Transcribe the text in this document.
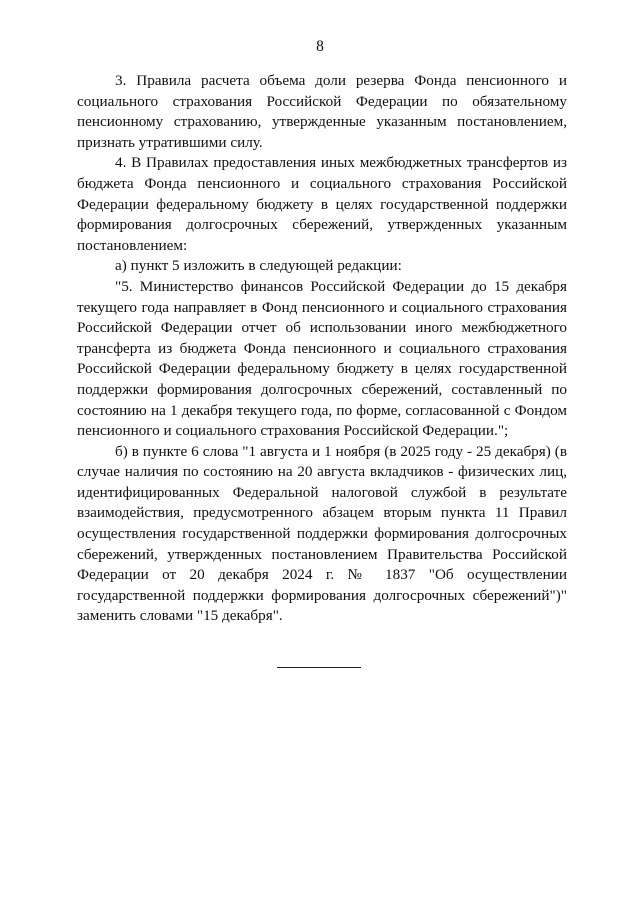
8

3. Правила расчета объема доли резерва Фонда пенсионного и социального страхования Российской Федерации по обязательному пенсионному страхованию, утвержденные указанным постановлением, признать утратившими силу.

4. В Правилах предоставления иных межбюджетных трансфертов из бюджета Фонда пенсионного и социального страхования Российской Федерации федеральному бюджету в целях государственной поддержки формирования долгосрочных сбережений, утвержденных указанным постановлением:

а) пункт 5 изложить в следующей редакции:

"5. Министерство финансов Российской Федерации до 15 декабря текущего года направляет в Фонд пенсионного и социального страхования Российской Федерации отчет об использовании иного межбюджетного трансферта из бюджета Фонда пенсионного и социального страхования Российской Федерации федеральному бюджету в целях государственной поддержки формирования долгосрочных сбережений, составленный по состоянию на 1 декабря текущего года, по форме, согласованной с Фондом пенсионного и социального страхования Российской Федерации.";

б) в пункте 6 слова "1 августа и 1 ноября (в 2025 году - 25 декабря) (в случае наличия по состоянию на 20 августа вкладчиков - физических лиц, идентифицированных Федеральной налоговой службой в результате взаимодействия, предусмотренного абзацем вторым пункта 11 Правил осуществления государственной поддержки формирования долгосрочных сбережений, утвержденных постановлением Правительства Российской Федерации от 20 декабря 2024 г. № 1837 "Об осуществлении государственной поддержки формирования долгосрочных сбережений")" заменить словами "15 декабря".
